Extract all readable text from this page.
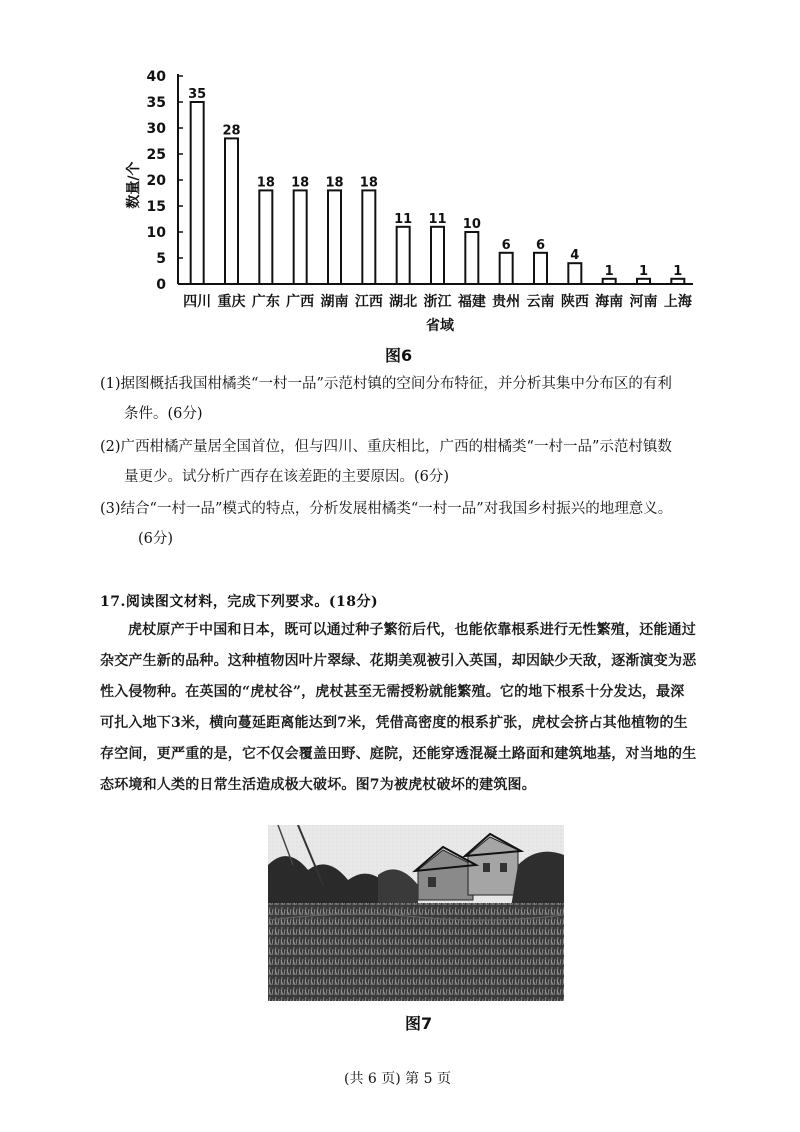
0
5
10
15
20
25
30
35
40
35
28
18 18 18 18
11 11 10
6 6
4
1 1 1
四川 重庆 广东 广西 湖南 江西 湖北 浙江 福建 贵州 云南 陕西 海南 河南 上海
数量/个
省域
图6
(1)据图概括我国柑橘类“一村一品”示范村镇的空间分布特征，并分析其集中分布区的有利
条件。(6分)
(2)广西柑橘产量居全国首位，但与四川、重庆相比，广西的柑橘类“一村一品”示范村镇数
量更少。试分析广西存在该差距的主要原因。(6分)
(3)结合“一村一品”模式的特点，分析发展柑橘类“一村一品”对我国乡村振兴的地理意义。
(6分)
17.阅读图文材料，完成下列要求。(18分)
虎杖原产于中国和日本，既可以通过种子繁衍后代，也能依靠根系进行无性繁殖，还能通过
杂交产生新的品种。这种植物因叶片翠绿、花期美观被引入英国，却因缺少天敌，逐渐演变为恶
性入侵物种。在英国的“虎杖谷”，虎杖甚至无需授粉就能繁殖。它的地下根系十分发达，最深
可扎入地下3米，横向蔓延距离能达到7米，凭借高密度的根系扩张，虎杖会挤占其他植物的生
存空间，更严重的是，它不仅会覆盖田野、庭院，还能穿透混凝土路面和建筑地基，对当地的生
态环境和人类的日常生活造成极大破坏。图7为被虎杖破坏的建筑图。
图7
(共 6 页) 第 5 页
